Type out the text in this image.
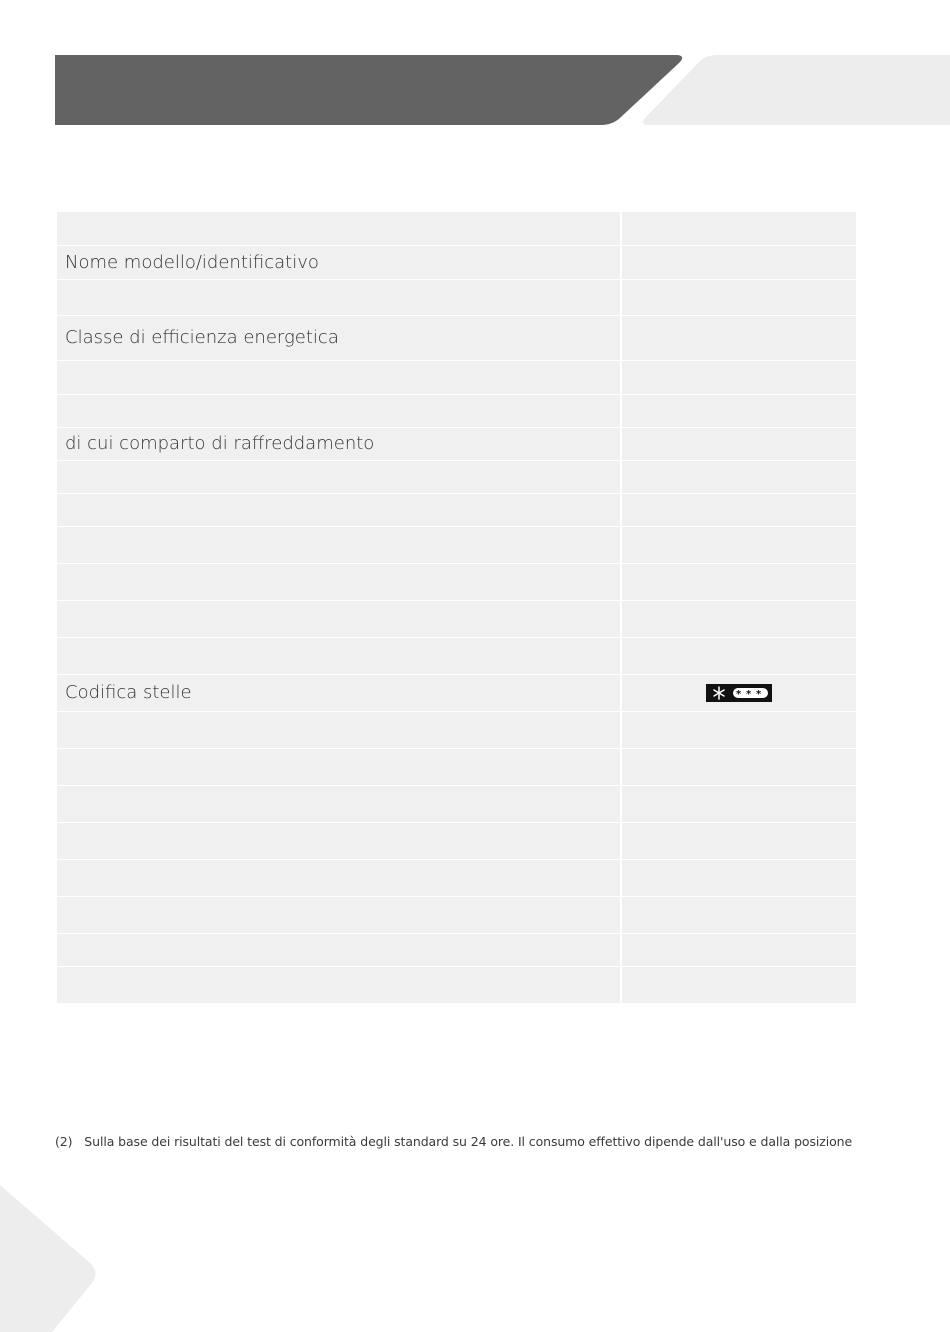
Nome modello/identificativo	

Classe di efficienza energetica	

di cui comparto di raffreddamento	

Codifica stelle	* * *

(2) Sulla base dei risultati del test di conformità degli standard su 24 ore. Il consumo effettivo dipende dall'uso e dalla posizione
